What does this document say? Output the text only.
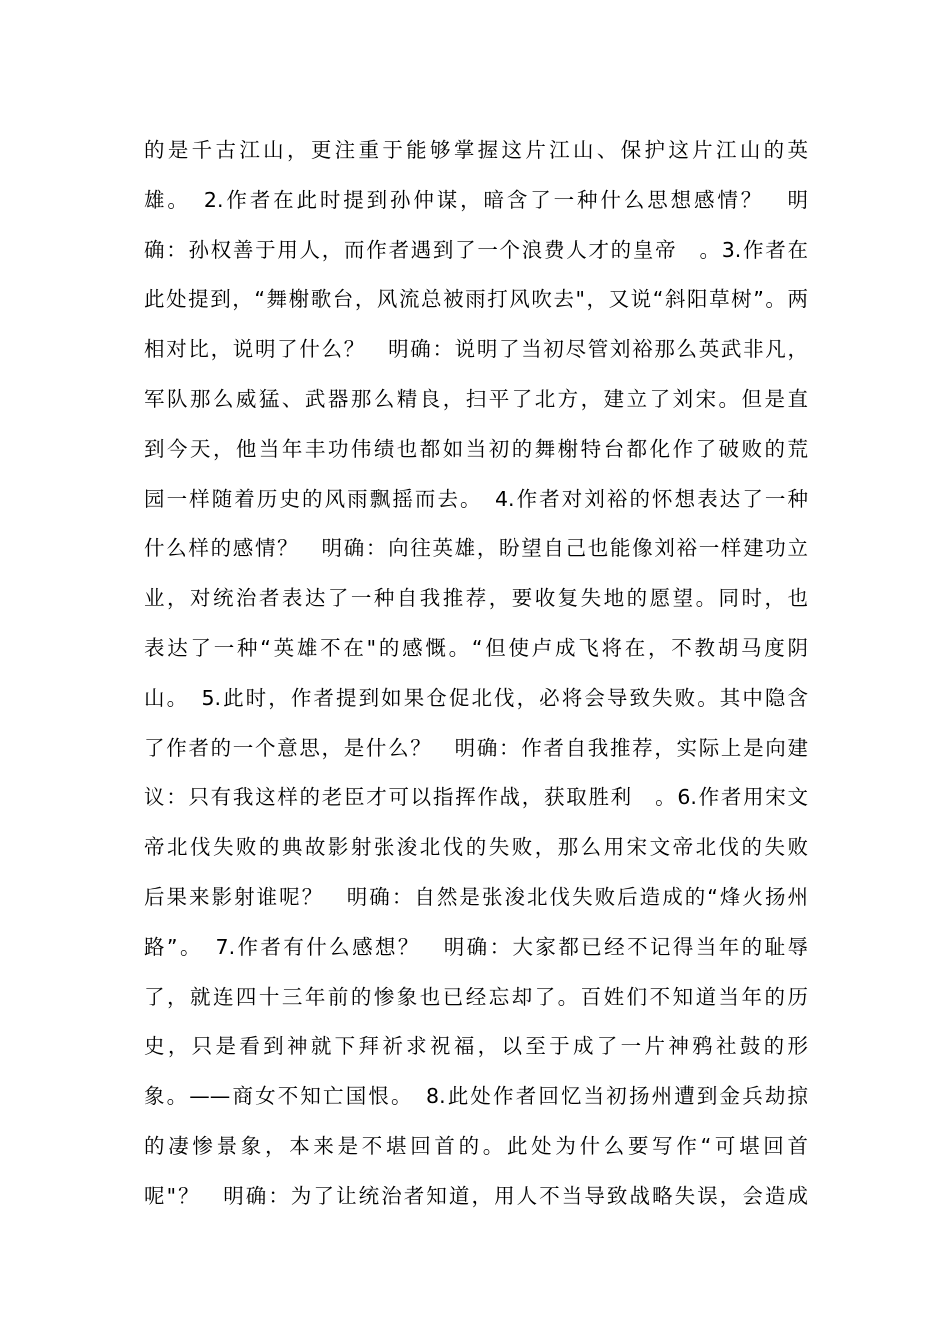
的是千古江山，更注重于能够掌握这片江山、保护这片江山的英
雄。　2.作者在此时提到孙仲谋，暗含了一种什么思想感情？　明
确：孙权善于用人，而作者遇到了一个浪费人才的皇帝　。3.作者在
此处提到，“舞榭歌台，风流总被雨打风吹去"，又说“斜阳草树”。两
相对比，说明了什么？　明确：说明了当初尽管刘裕那么英武非凡，
军队那么威猛、武器那么精良，扫平了北方，建立了刘宋。但是直
到今天，他当年丰功伟绩也都如当初的舞榭特台都化作了破败的荒
园一样随着历史的风雨飘摇而去。　4.作者对刘裕的怀想表达了一种
什么样的感情？　明确：向往英雄，盼望自己也能像刘裕一样建功立
业，对统治者表达了一种自我推荐，要收复失地的愿望。同时，也
表达了一种“英雄不在"的感慨。“但使卢成飞将在，不教胡马度阴
山。　5.此时，作者提到如果仓促北伐，必将会导致失败。其中隐含
了作者的一个意思，是什么？　明确：作者自我推荐，实际上是向建
议：只有我这样的老臣才可以指挥作战，获取胜利　。6.作者用宋文
帝北伐失败的典故影射张浚北伐的失败，那么用宋文帝北伐的失败
后果来影射谁呢？　明确：自然是张浚北伐失败后造成的“烽火扬州
路”。　7.作者有什么感想？　明确：大家都已经不记得当年的耻辱
了，就连四十三年前的惨象也已经忘却了。百姓们不知道当年的历
史，只是看到神就下拜祈求祝福，以至于成了一片神鸦社鼓的形
象。——商女不知亡国恨。　8.此处作者回忆当初扬州遭到金兵劫掠
的凄惨景象，本来是不堪回首的。此处为什么要写作“可堪回首
呢"？　明确：为了让统治者知道，用人不当导致战略失误，会造成
